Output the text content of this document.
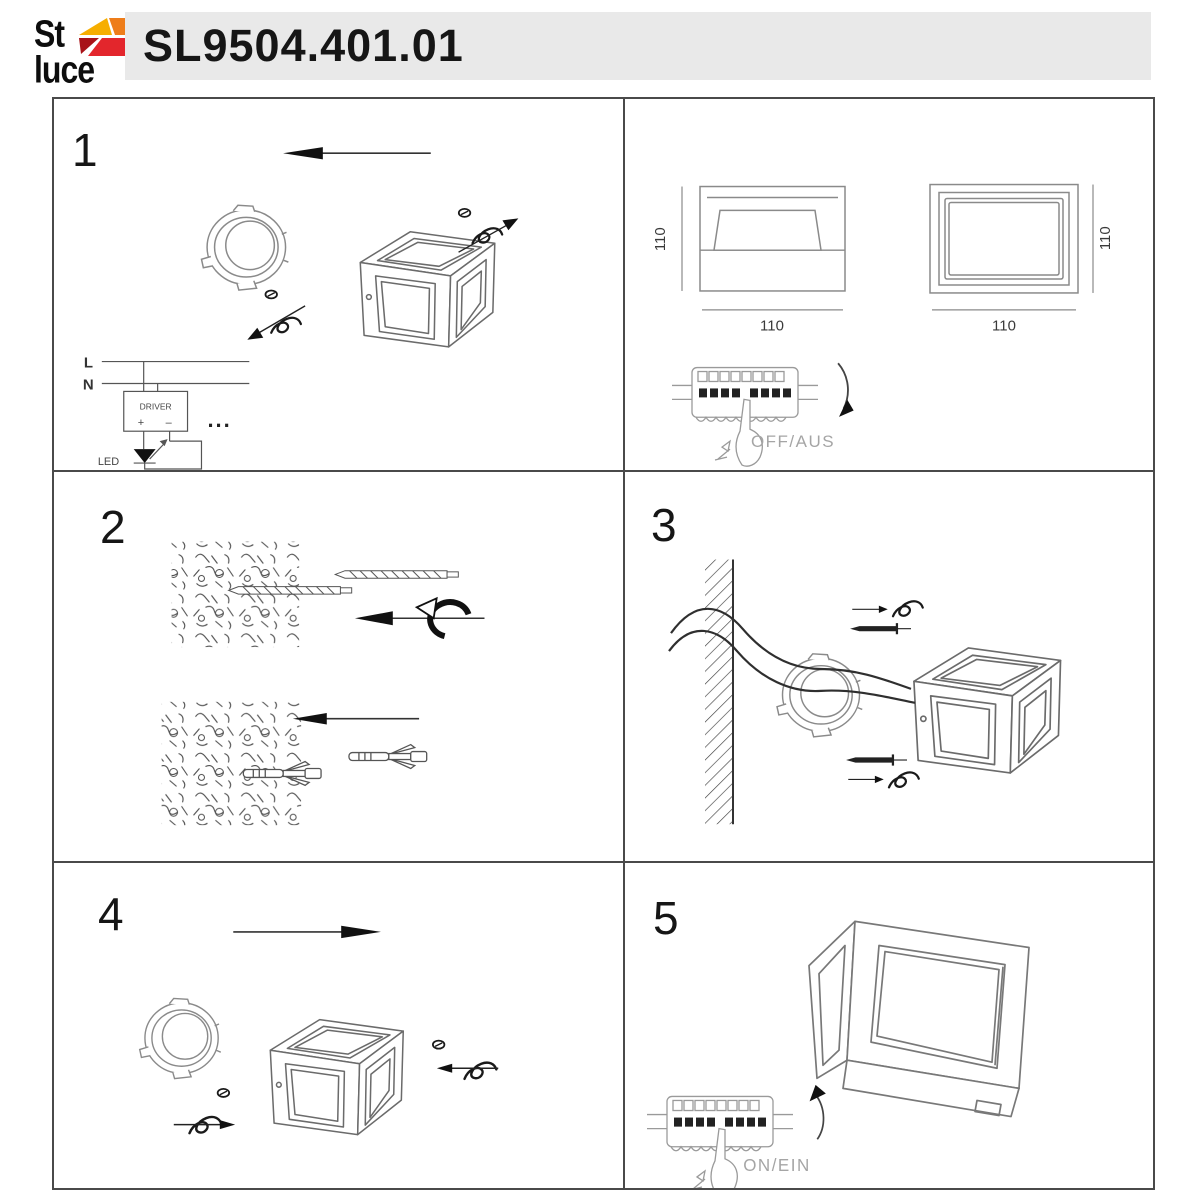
St
luce	SL9504.401.01
1
L
N
DRIVER
+ –
LED
...
110
110
110
110
OFF/AUS
2	3
4	5
ON/EIN
